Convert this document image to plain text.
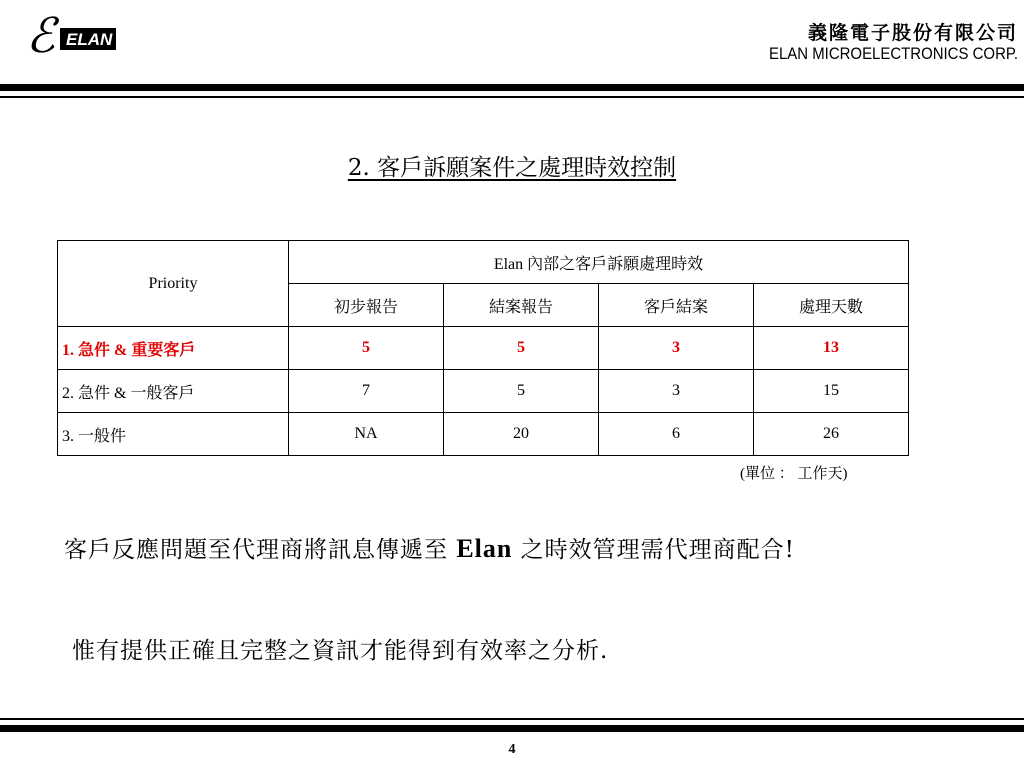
ℰ ELAN	義隆電子股份有限公司
ELAN MICROELECTRONICS CORP.
2. 客戶訴願案件之處理時效控制
Priority	Elan 內部之客戶訴願處理時效			
	初步報告	結案報告	客戶結案	處理天數
1. 急件 & 重要客戶	5	5	3	13
2. 急件 & 一般客戶	7	5	3	15
3. 一般件	NA	20	6	26
(單位 ： 工作天)
客戶反應問題至代理商將訊息傳遞至 Elan 之時效管理需代理商配合!
惟有提供正確且完整之資訊才能得到有效率之分析.
4
